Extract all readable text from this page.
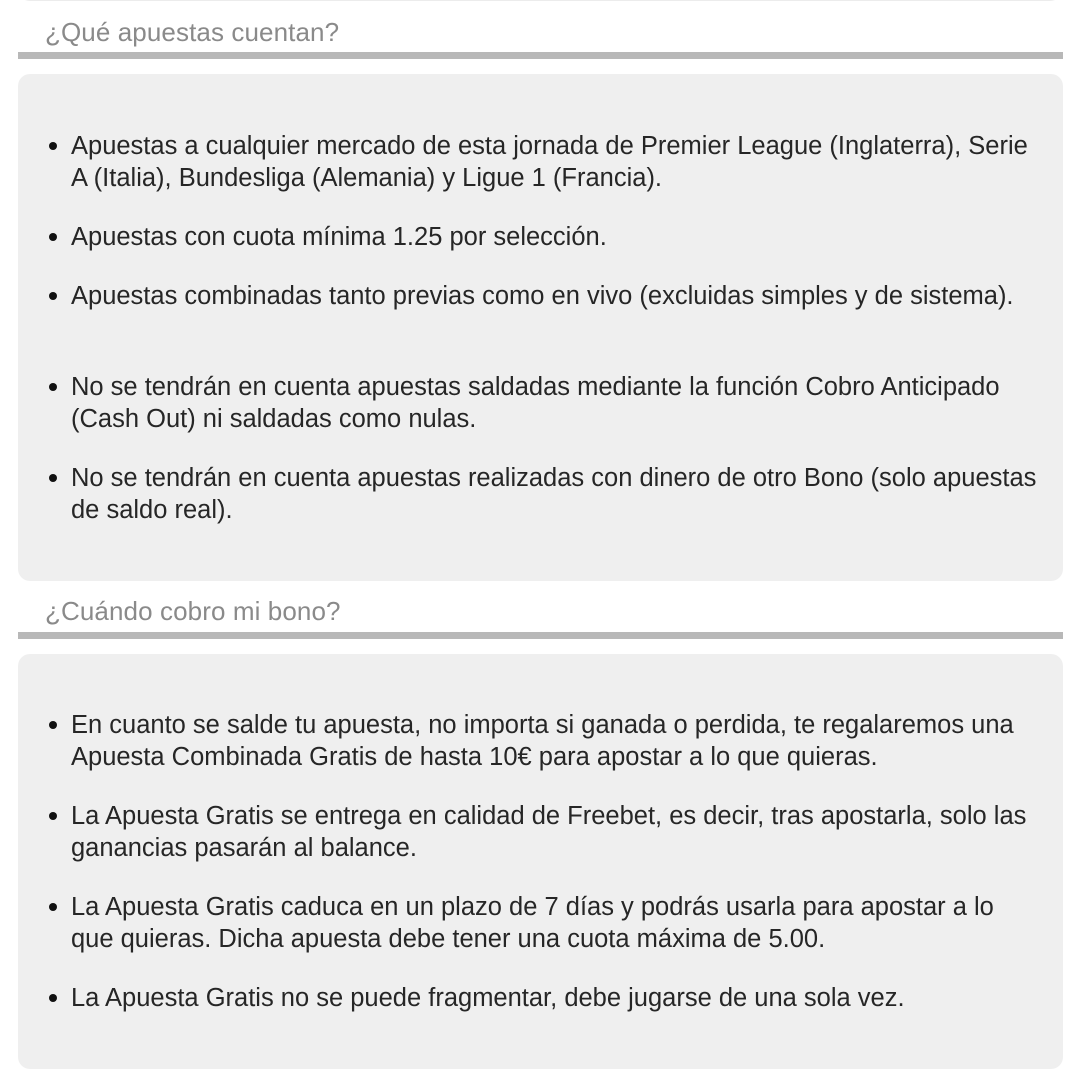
¿Qué apuestas cuentan?
Apuestas a cualquier mercado de esta jornada de Premier League (Inglaterra), Serie A (Italia), Bundesliga (Alemania) y Ligue 1 (Francia).
Apuestas con cuota mínima 1.25 por selección.
Apuestas combinadas tanto previas como en vivo (excluidas simples y de sistema).
No se tendrán en cuenta apuestas saldadas mediante la función Cobro Anticipado (Cash Out) ni saldadas como nulas.
No se tendrán en cuenta apuestas realizadas con dinero de otro Bono (solo apuestas de saldo real).
¿Cuándo cobro mi bono?
En cuanto se salde tu apuesta, no importa si ganada o perdida, te regalaremos una Apuesta Combinada Gratis de hasta 10€ para apostar a lo que quieras.
La Apuesta Gratis se entrega en calidad de Freebet, es decir, tras apostarla, solo las ganancias pasarán al balance.
La Apuesta Gratis caduca en un plazo de 7 días y podrás usarla para apostar a lo que quieras. Dicha apuesta debe tener una cuota máxima de 5.00.
La Apuesta Gratis no se puede fragmentar, debe jugarse de una sola vez.
